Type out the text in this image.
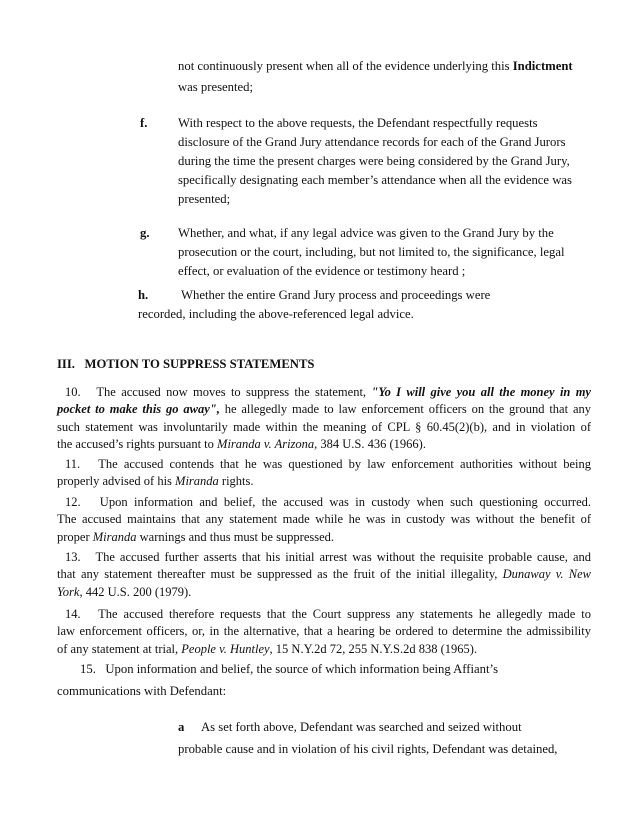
not continuously present when all of the evidence underlying this Indictment
was presented;
f. With respect to the above requests, the Defendant respectfully requests
disclosure of the Grand Jury attendance records for each of the Grand Jurors
during the time the present charges were being considered by the Grand Jury,
specifically designating each member’s attendance when all the evidence was
presented;
g. Whether, and what, if any legal advice was given to the Grand Jury by the
prosecution or the court, including, but not limited to, the significance, legal
effect, or evaluation of the evidence or testimony heard ;
h.	Whether the entire Grand Jury process and proceedings were
recorded, including the above-referenced legal advice.
III.   MOTION TO SUPPRESS STATEMENTS
10.   The accused now moves to suppress the statement, "Yo I will give you all the money in my
pocket to make this go away", he allegedly made to law enforcement officers on the ground that any
such statement was involuntarily made within the meaning of CPL § 60.45(2)(b), and in violation of
the accused’s rights pursuant to Miranda v. Arizona, 384 U.S. 436 (1966).
11.   The accused contends that he was questioned by law enforcement authorities without being
properly advised of his Miranda rights.
12.   Upon information and belief, the accused was in custody when such questioning occurred.
The accused maintains that any statement made while he was in custody was without the benefit of
proper Miranda warnings and thus must be suppressed.
13.   The accused further asserts that his initial arrest was without the requisite probable cause, and
that any statement thereafter must be suppressed as the fruit of the initial illegality, Dunaway v. New
York, 442 U.S. 200 (1979).
14.   The accused therefore requests that the Court suppress any statements he allegedly made to
law enforcement officers, or, in the alternative, that a hearing be ordered to determine the admissibility
of any statement at trial, People v. Huntley, 15 N.Y.2d 72, 255 N.Y.S.2d 838 (1965).
15.   Upon information and belief, the source of which information being Affiant’s
communications with Defendant:
a As set forth above, Defendant was searched and seized without
probable cause and in violation of his civil rights, Defendant was detained,
